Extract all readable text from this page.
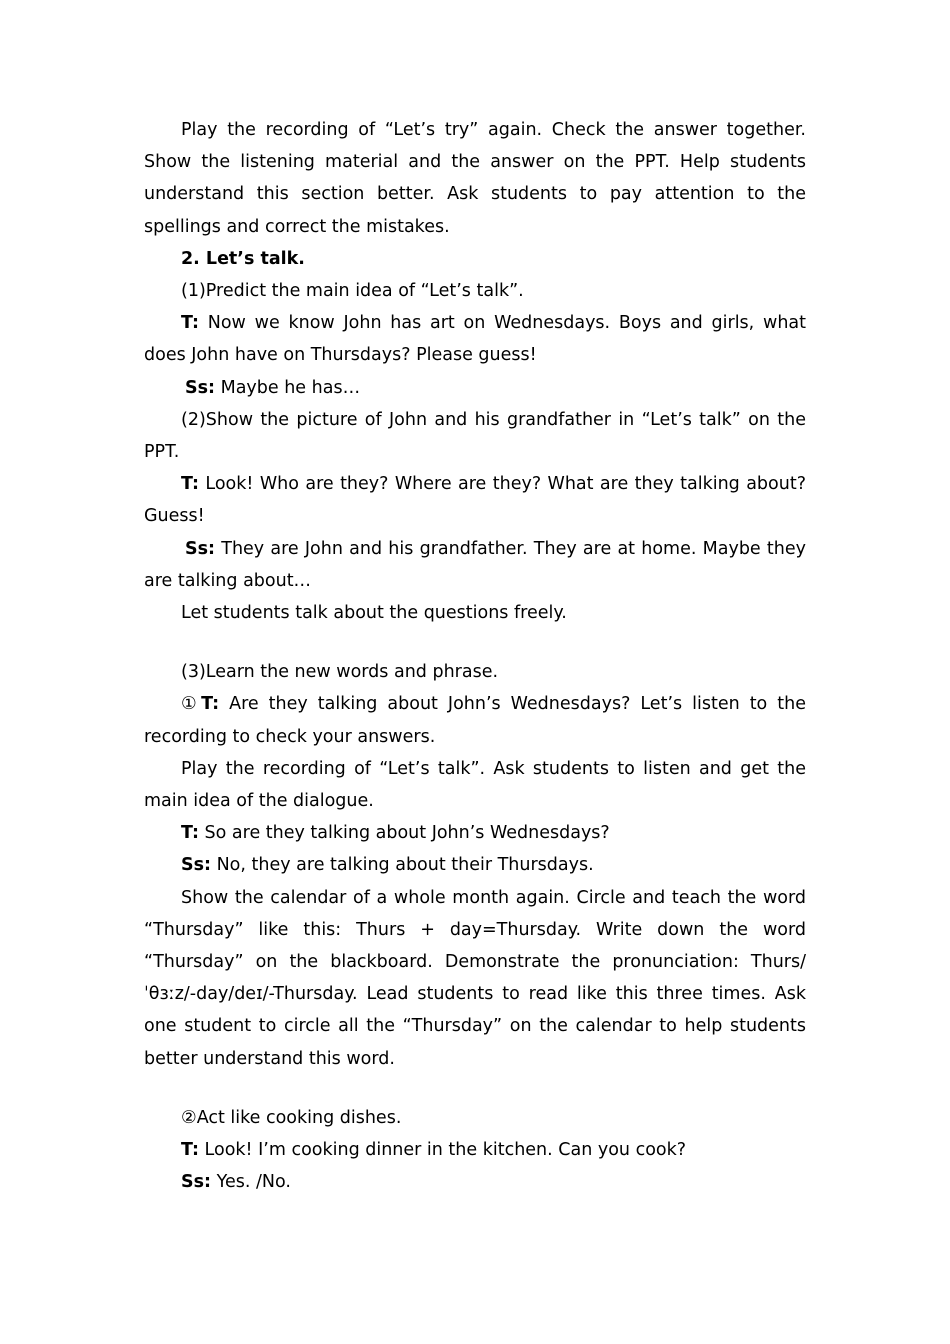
Play the recording of “Let’s try” again. Check the answer together. Show the listening material and the answer on the PPT. Help students understand this section better. Ask students to pay attention to the spellings and correct the mistakes.

2. Let’s talk.

(1)Predict the main idea of “Let’s talk”.

T: Now we know John has art on Wednesdays. Boys and girls, what does John have on Thursdays? Please guess!

Ss: Maybe he has…

(2)Show the picture of John and his grandfather in “Let’s talk” on the PPT.

T: Look! Who are they? Where are they? What are they talking about? Guess!

Ss: They are John and his grandfather. They are at home. Maybe they are talking about…

Let students talk about the questions freely.

(3)Learn the new words and phrase.

①T: Are they talking about John’s Wednesdays? Let’s listen to the recording to check your answers.

Play the recording of “Let’s talk”. Ask students to listen and get the main idea of the dialogue.

T: So are they talking about John’s Wednesdays?

Ss: No, they are talking about their Thursdays.

Show the calendar of a whole month again. Circle and teach the word “Thursday” like this: Thurs + day=Thursday. Write down the word “Thursday” on the blackboard. Demonstrate the pronunciation: Thurs/ ˈθɜːz/-day/deɪ/-Thursday. Lead students to read like this three times. Ask one student to circle all the “Thursday” on the calendar to help students better understand this word.

②Act like cooking dishes.

T: Look! I’m cooking dinner in the kitchen. Can you cook?

Ss: Yes. /No.
